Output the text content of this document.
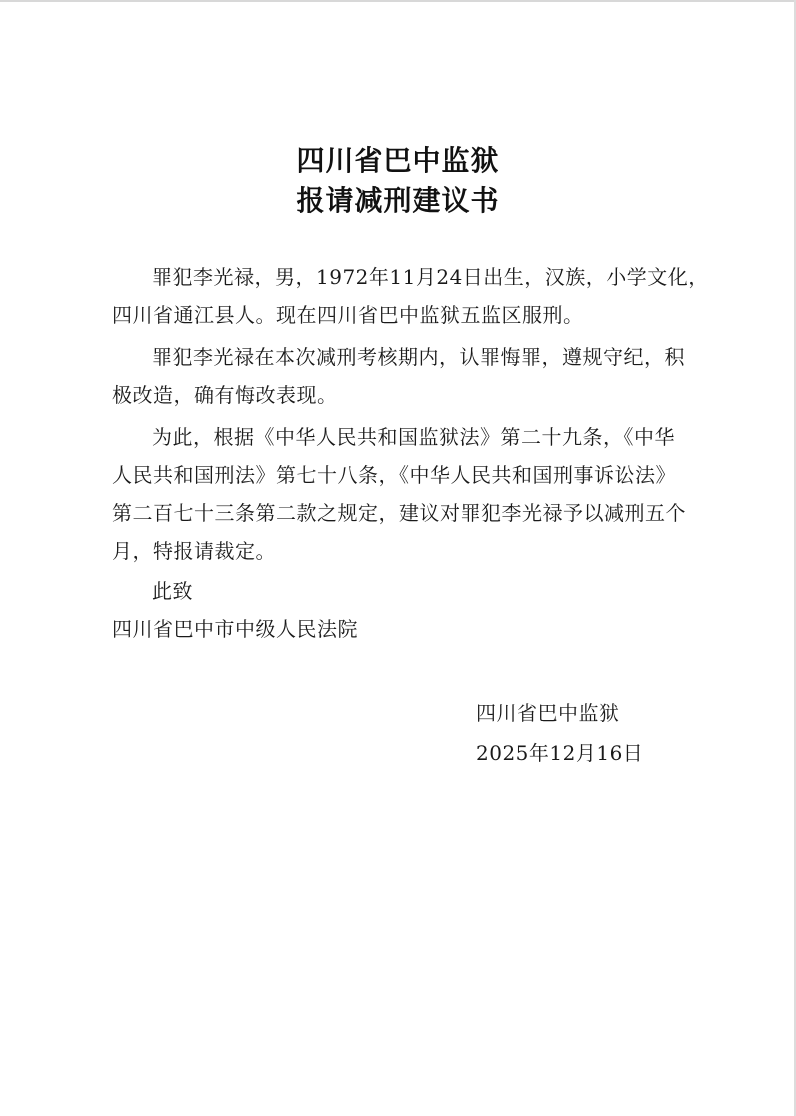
四川省巴中监狱
报请减刑建议书
罪犯李光禄，男，1972年11月24日出生，汉族，小学文化，
四川省通江县人。现在四川省巴中监狱五监区服刑。
罪犯李光禄在本次减刑考核期内，认罪悔罪，遵规守纪，积
极改造，确有悔改表现。
为此，根据《中华人民共和国监狱法》第二十九条，《中华
人民共和国刑法》第七十八条，《中华人民共和国刑事诉讼法》
第二百七十三条第二款之规定，建议对罪犯李光禄予以减刑五个
月，特报请裁定。
此致
四川省巴中市中级人民法院
四川省巴中监狱
2025年12月16日
